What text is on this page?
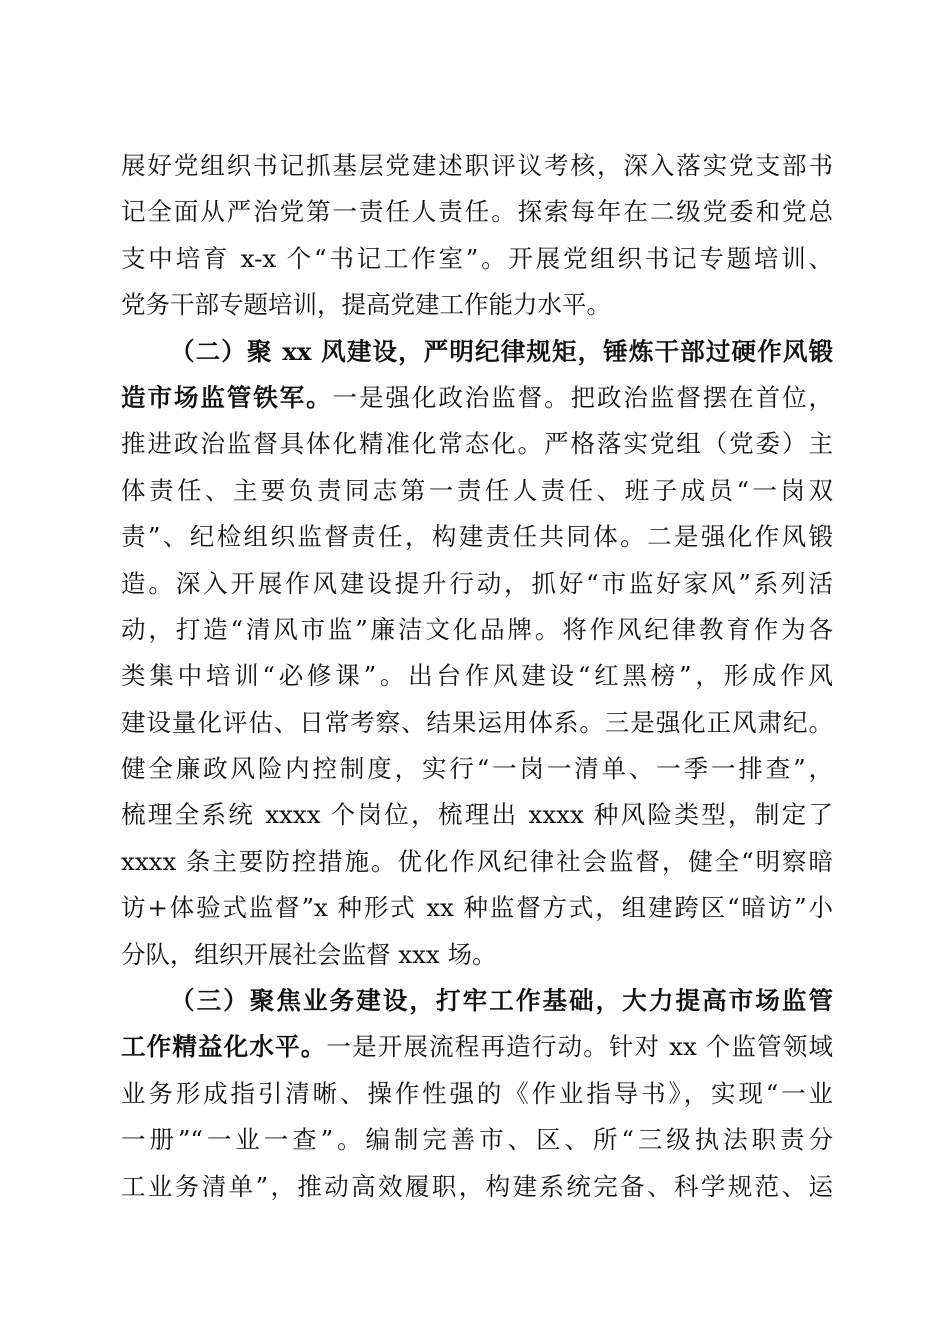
展好党组织书记抓基层党建述职评议考核，深入落实党支部书
记全面从严治党第一责任人责任。探索每年在二级党委和党总
支中培育 x-x 个“书记工作室”。开展党组织书记专题培训、
党务干部专题培训，提高党建工作能力水平。
（二）聚 xx 风建设，严明纪律规矩，锤炼干部过硬作风锻
造市场监管铁军。一是强化政治监督。把政治监督摆在首位，
推进政治监督具体化精准化常态化。严格落实党组（党委）主
体责任、主要负责同志第一责任人责任、班子成员“一岗双
责”、纪检组织监督责任，构建责任共同体。二是强化作风锻
造。深入开展作风建设提升行动，抓好“市监好家风”系列活
动，打造“清风市监”廉洁文化品牌。将作风纪律教育作为各
类集中培训“必修课”。出台作风建设“红黑榜”，形成作风
建设量化评估、日常考察、结果运用体系。三是强化正风肃纪。
健全廉政风险内控制度，实行“一岗一清单、一季一排查”，
梳理全系统 xxxx 个岗位，梳理出 xxxx 种风险类型，制定了
xxxx 条主要防控措施。优化作风纪律社会监督，健全“明察暗
访+体验式监督”x 种形式 xx 种监督方式，组建跨区“暗访”小
分队，组织开展社会监督 xxx 场。
（三）聚焦业务建设，打牢工作基础，大力提高市场监管
工作精益化水平。一是开展流程再造行动。针对 xx 个监管领域
业务形成指引清晰、操作性强的《作业指导书》，实现“一业
一册”“一业一查”。编制完善市、区、所“三级执法职责分
工业务清单”，推动高效履职，构建系统完备、科学规范、运
